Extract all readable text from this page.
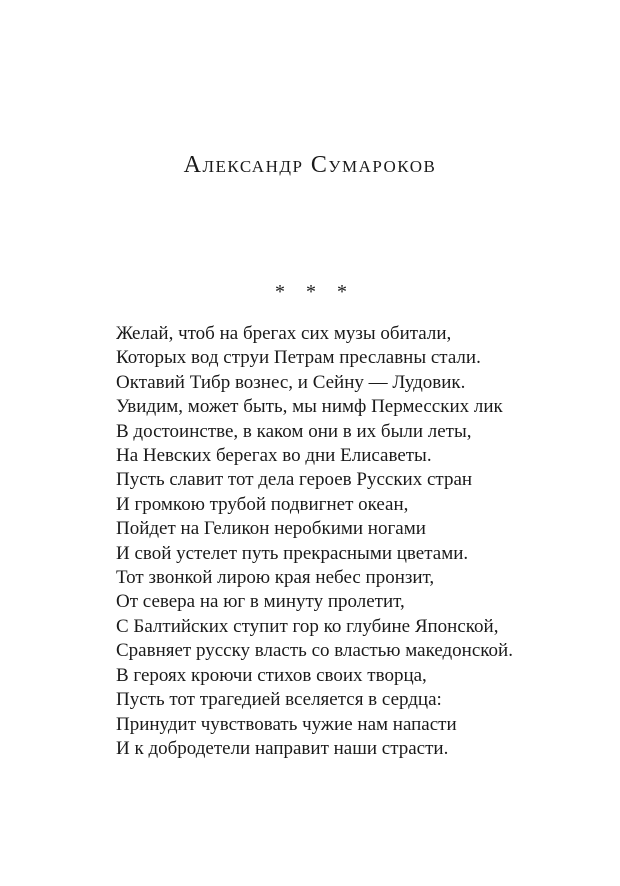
Александр Сумароков
* * *
Желай, чтоб на брегах сих музы обитали,
Которых вод струи Петрам преславны стали.
Октавий Тибр вознес, и Сейну — Лудовик.
Увидим, может быть, мы нимф Пермесских лик
В достоинстве, в каком они в их были леты,
На Невских берегах во дни Елисаветы.
Пусть славит тот дела героев Русских стран
И громкою трубой подвигнет океан,
Пойдет на Геликон неробкими ногами
И свой устелет путь прекрасными цветами.
Тот звонкой лирою края небес пронзит,
От севера на юг в минуту пролетит,
С Балтийских ступит гор ко глубине Японской,
Сравняет русску власть со властью македонской.
В героях кроючи стихов своих творца,
Пусть тот трагедией вселяется в сердца:
Принудит чувствовать чужие нам напасти
И к добродетели направит наши страсти.
